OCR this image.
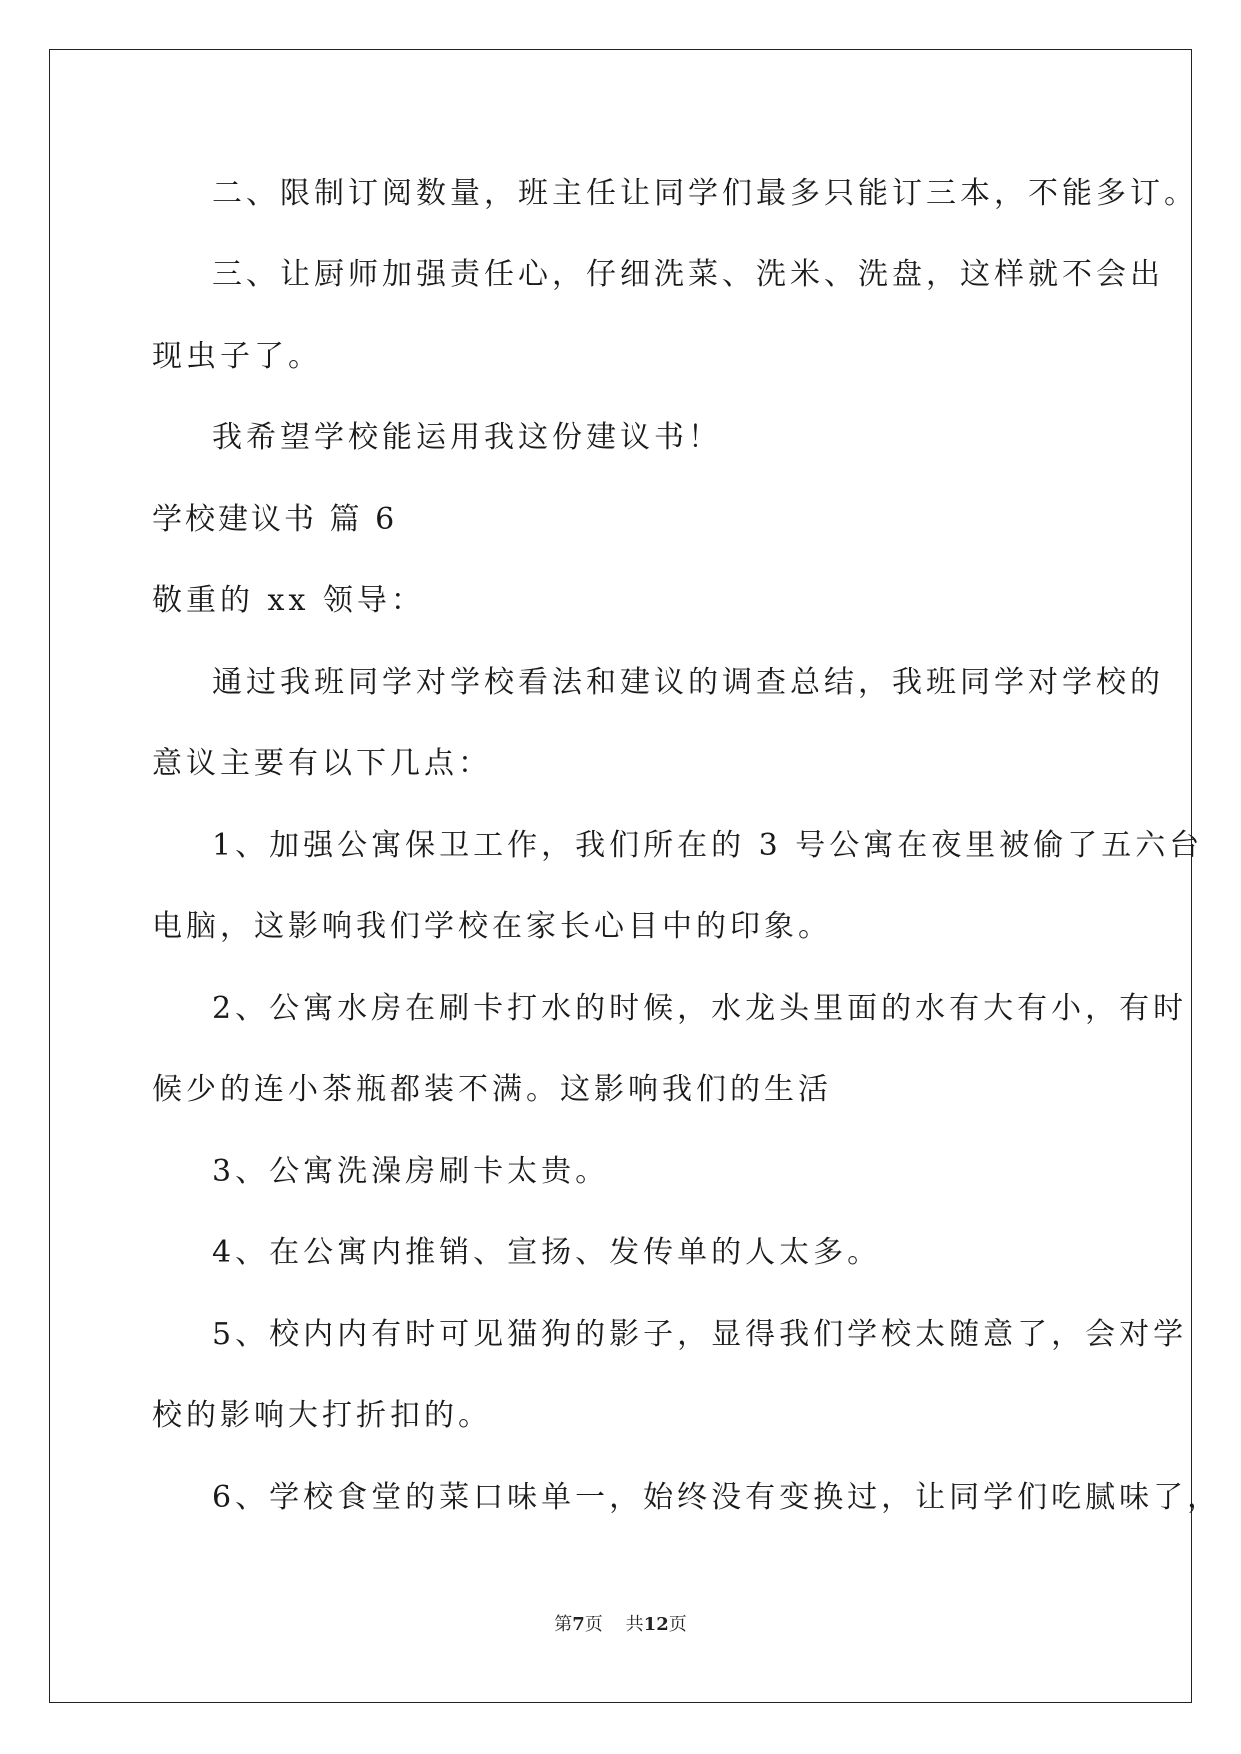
二、限制订阅数量，班主任让同学们最多只能订三本，不能多订。
三、让厨师加强责任心，仔细洗菜、洗米、洗盘，这样就不会出
现虫子了。
我希望学校能运用我这份建议书！
学校建议书 篇 6
敬重的 xx 领导：
通过我班同学对学校看法和建议的调查总结，我班同学对学校的
意议主要有以下几点：
1、加强公寓保卫工作，我们所在的 3 号公寓在夜里被偷了五六台
电脑，这影响我们学校在家长心目中的印象。
2、公寓水房在刷卡打水的时候，水龙头里面的水有大有小，有时
候少的连小茶瓶都装不满。这影响我们的生活
3、公寓洗澡房刷卡太贵。
4、在公寓内推销、宣扬、发传单的人太多。
5、校内内有时可见猫狗的影子，显得我们学校太随意了，会对学
校的影响大打折扣的。
6、学校食堂的菜口味单一，始终没有变换过，让同学们吃腻味了，
第7页 共12页
